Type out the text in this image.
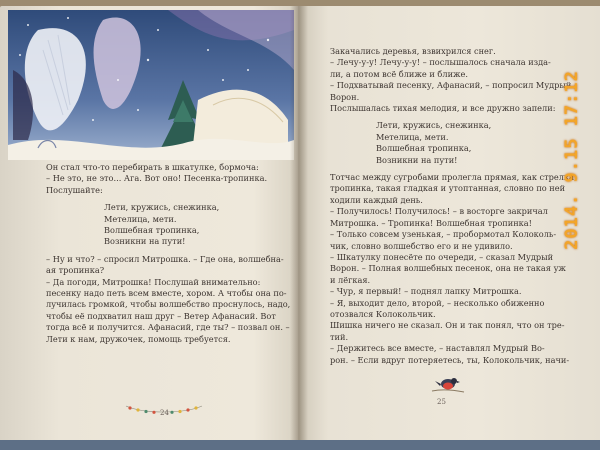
Он стал что-то перебирать в шкатулке, бормоча:

– Не это, не это... Ага. Вот оно! Песенка-тропинка.

Послушайте:

Лети, кружись, снежинка,

Метелица, мети.

Волшебная тропинка,

Возникни на пути!

– Ну и что? – спросил Митрошка. – Где она, волшебна-

ая тропинка?

– Да погоди, Митрошка! Послушай внимательно:

песенку надо петь всем вместе, хором. А чтобы она по-

лучилась громкой, чтобы волшебство проснулось, надо,

чтобы её подхватил наш друг – Ветер Афанасий. Вот

тогда всё и получится. Афанасий, где ты? – позвал он. –

Лети к нам, дружочек, помощь требуется.

Закачались деревья, взвихрился снег.

– Лечу-у-у! Лечу-у-у! – послышалось сначала изда-

ли, а потом всё ближе и ближе.

– Подхватывай песенку, Афанасий, – попросил Мудрый

Ворон.

Послышалась тихая мелодия, и все дружно запели:

Лети, кружись, снежинка,

Метелица, мети.

Волшебная тропинка,

Возникни на пути!

Тотчас между сугробами пролегла прямая, как стрелка,

тропинка, такая гладкая и утоптанная, словно по ней

ходили каждый день.

– Получилось! Получилось! – в восторге закричал

Митрошка. – Тропинка! Волшебная тропинка!

– Только совсем узенькая, – пробормотал Колоколь-

чик, словно волшебство его и не удивило.

– Шкатулку понесёте по очереди, – сказал Мудрый

Ворон. – Полная волшебных песенок, она не такая уж

и лёгкая.

– Чур, я первый! – поднял лапку Митрошка.

– Я, выходит дело, второй, – несколько обиженно

отозвался Колокольчик.

Шишка ничего не сказал. Он и так понял, что он тре-

тий.

– Держитесь все вместе, – наставлял Мудрый Во-

рон. – Если вдруг потеряетесь, ты, Колокольчик, начи-

24
25
2014. 9.15 17:12
